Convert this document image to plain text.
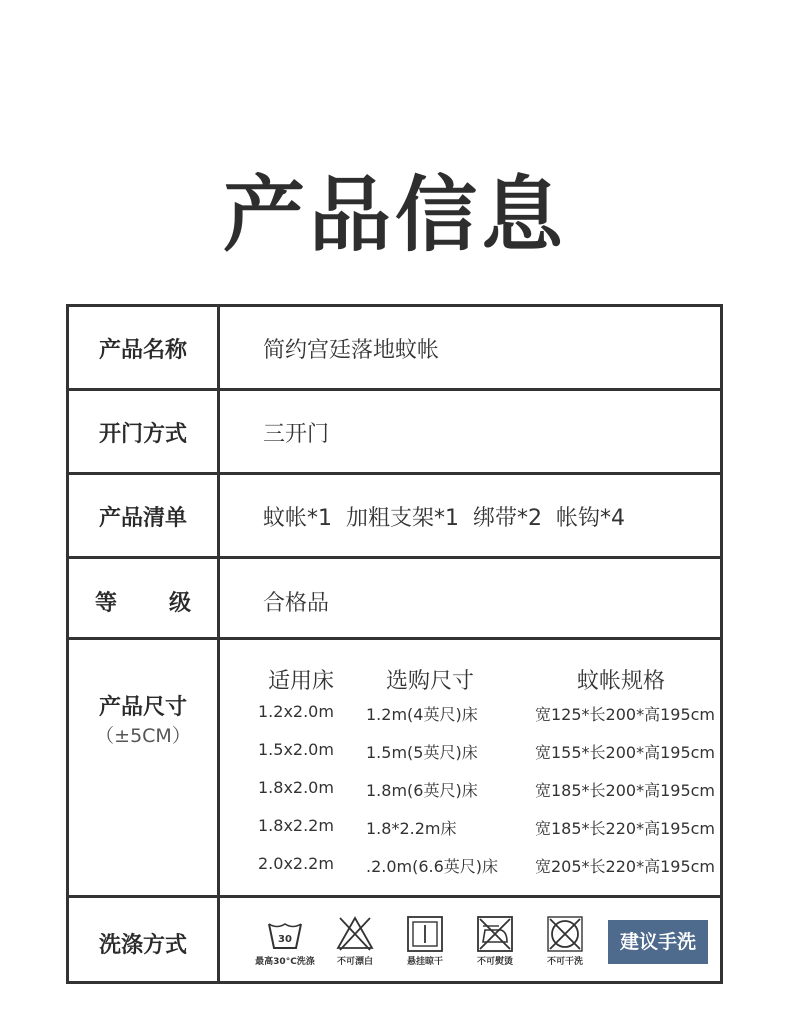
产品信息
产品名称	简约宫廷落地蚊帐
开门方式	三开门
产品清单	蚊帐*1  加粗支架*1  绑带*2  帐钩*4
等 级	合格品
产品尺寸
（±5CM）
适用床	选购尺寸	蚊帐规格
1.2x2.0m 1.2m(4英尺)床	宽125*长200*高195cm
1.5x2.0m 1.5m(5英尺)床	宽155*长200*高195cm
1.8x2.0m 1.8m(6英尺)床	宽185*长200*高195cm
1.8x2.2m 1.8*2.2m床	宽185*长220*高195cm
2.0x2.2m .2.0m(6.6英尺)床 宽205*长220*高195cm
洗涤方式	30
最高30°C洗涤	不可漂白	悬挂晾干	不可熨烫	不可干洗
建议手洗
